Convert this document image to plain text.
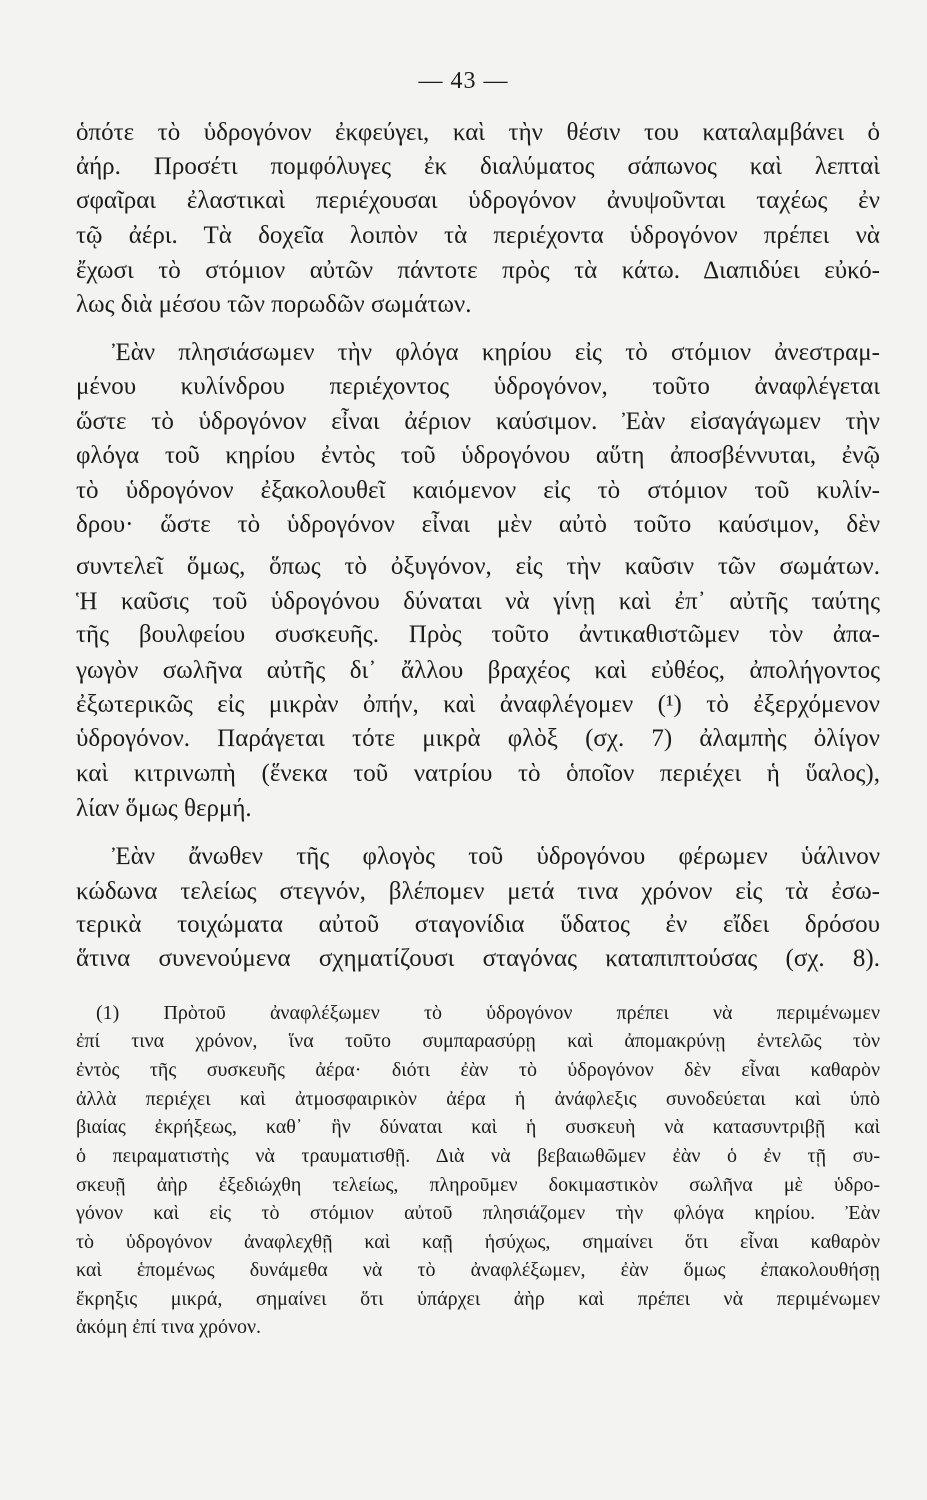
— 43 —
ὁπότε τὸ ὑδρογόνον ἐκφεύγει, καὶ τὴν θέσιν του καταλαμβάνει ὁ
ἀήρ. Προσέτι πομφόλυγες ἐκ διαλύματος σάπωνος καὶ λεπταὶ
σφαῖραι ἐλαστικαὶ περιέχουσαι ὑδρογόνον ἀνυψοῦνται ταχέως ἐν
τῷ ἀέρι. Τὰ δοχεῖα λοιπὸν τὰ περιέχοντα ὑδρογόνον πρέπει νὰ
ἔχωσι τὸ στόμιον αὐτῶν πάντοτε πρὸς τὰ κάτω. Διαπιδύει εὐκό-
λως διὰ μέσου τῶν πορωδῶν σωμάτων.
Ἐὰν πλησιάσωμεν τὴν φλόγα κηρίου εἰς τὸ στόμιον ἀνεστραμ-
μένου κυλίνδρου περιέχοντος ὑδρογόνον, τοῦτο ἀναφλέγεται
ὥστε τὸ ὑδρογόνον εἶναι ἀέριον καύσιμον. Ἐὰν εἰσαγάγωμεν τὴν
φλόγα τοῦ κηρίου ἐντὸς τοῦ ὑδρογόνου αὕτη ἀποσβέννυται, ἐνῷ
τὸ ὑδρογόνον ἐξακολουθεῖ καιόμενον εἰς τὸ στόμιον τοῦ κυλίν-
δρου· ὥστε τὸ ὑδρογόνον εἶναι μὲν αὐτὸ τοῦτο καύσιμον, δὲν
συντελεῖ ὅμως, ὅπως τὸ ὀξυγόνον, εἰς τὴν καῦσιν τῶν σωμάτων.
Ἡ καῦσις τοῦ ὑδρογόνου δύναται νὰ γίνῃ καὶ ἐπ᾽ αὐτῆς ταύτης
τῆς βουλφείου συσκευῆς. Πρὸς τοῦτο ἀντικαθιστῶμεν τὸν ἀπα-
γωγὸν σωλῆνα αὐτῆς δι᾽ ἄλλου βραχέος καὶ εὐθέος, ἀπολήγοντος
ἐξωτερικῶς εἰς μικρὰν ὀπήν, καὶ ἀναφλέγομεν (¹) τὸ ἐξερχόμενον
ὑδρογόνον. Παράγεται τότε μικρὰ φλὸξ (σχ. 7) ἀλαμπὴς ὀλίγον
καὶ κιτρινωπὴ (ἕνεκα τοῦ νατρίου τὸ ὁποῖον περιέχει ἡ ὕαλος),
λίαν ὅμως θερμή.
Ἐὰν ἄνωθεν τῆς φλογὸς τοῦ ὑδρογόνου φέρωμεν ὑάλινον
κώδωνα τελείως στεγνόν, βλέπομεν μετά τινα χρόνον εἰς τὰ ἐσω-
τερικὰ τοιχώματα αὐτοῦ σταγονίδια ὕδατος ἐν εἴδει δρόσου
ἅτινα συνενούμενα σχηματίζουσι σταγόνας καταπιπτούσας (σχ. 8).
(1) Πρὸτοῦ ἀναφλέξωμεν τὸ ὑδρογόνον πρέπει νὰ περιμένωμεν
ἐπί τινα χρόνον, ἵνα τοῦτο συμπαρασύρῃ καὶ ἀπομακρύνῃ ἐντελῶς τὸν
ἐντὸς τῆς συσκευῆς ἀέρα· διότι ἐὰν τὸ ὑδρογόνον δὲν εἶναι καθαρὸν
ἀλλὰ περιέχει καὶ ἀτμοσφαιρικὸν ἀέρα ἡ ἀνάφλεξις συνοδεύεται καὶ ὑπὸ
βιαίας ἐκρήξεως, καθ᾽ ἣν δύναται καὶ ἡ συσκευὴ νὰ κατασυντριβῇ καὶ
ὁ πειραματιστὴς νὰ τραυματισθῇ. Διὰ νὰ βεβαιωθῶμεν ἐὰν ὁ ἐν τῇ συ-
σκευῇ ἀὴρ ἐξεδιώχθη τελείως, πληροῦμεν δοκιμαστικὸν σωλῆνα μὲ ὑδρο-
γόνον καὶ εἰς τὸ στόμιον αὐτοῦ πλησιάζομεν τὴν φλόγα κηρίου. Ἐὰν
τὸ ὑδρογόνον ἀναφλεχθῇ καὶ καῇ ἡσύχως, σημαίνει ὅτι εἶναι καθαρὸν
καὶ ἑπομένως δυνάμεθα νὰ τὸ ἀναφλέξωμεν, ἐὰν ὅμως ἐπακολουθήσῃ
ἔκρηξις μικρά, σημαίνει ὅτι ὑπάρχει ἀὴρ καὶ πρέπει νὰ περιμένωμεν
ἀκόμη ἐπί τινα χρόνον.
